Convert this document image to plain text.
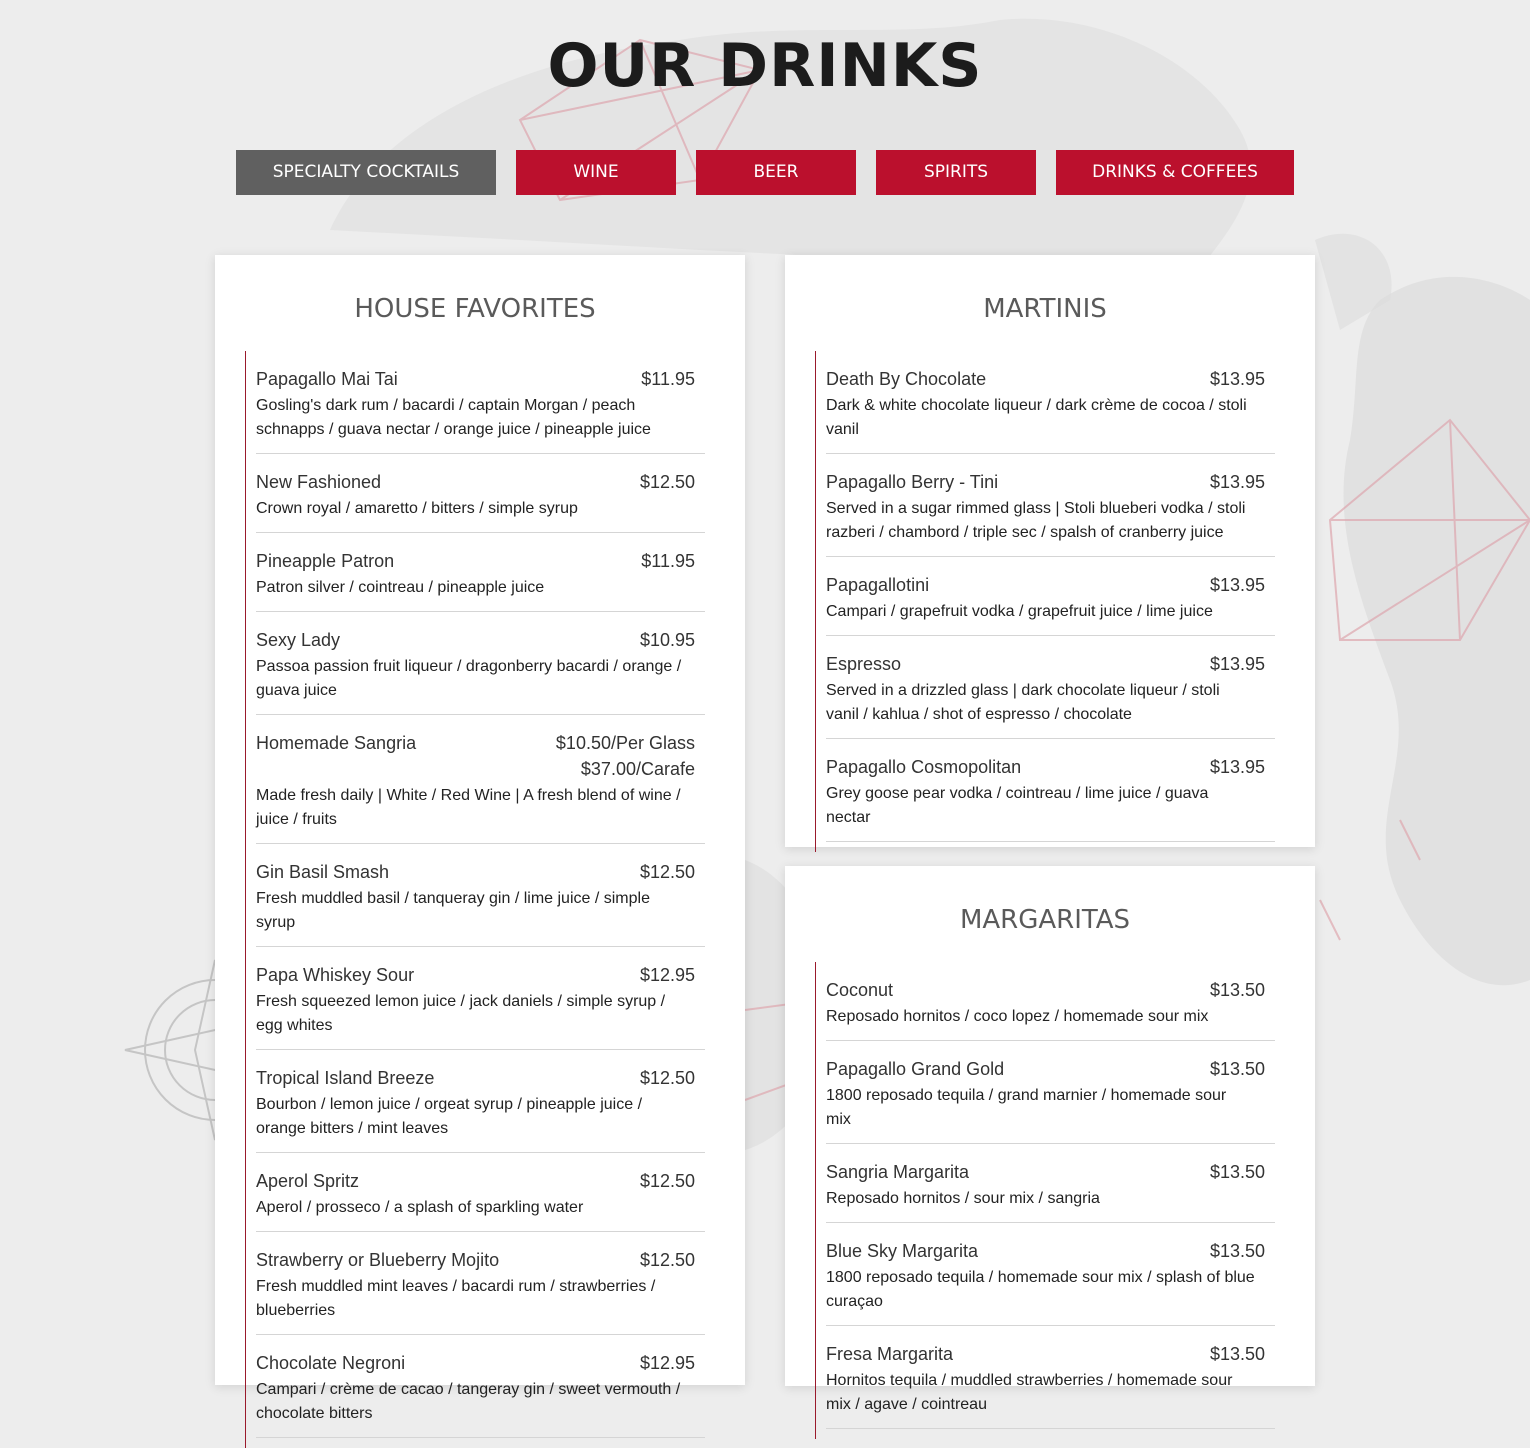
OUR DRINKS
SPECIALTY COCKTAILS	WINE	BEER	SPIRITS	DRINKS & COFFEES
HOUSE FAVORITES
Papagallo Mai Tai	$11.95
Gosling's dark rum / bacardi / captain Morgan / peach schnapps / guava nectar / orange juice / pineapple juice
New Fashioned	$12.50
Crown royal / amaretto / bitters / simple syrup
Pineapple Patron	$11.95
Patron silver / cointreau / pineapple juice
Sexy Lady	$10.95
Passoa passion fruit liqueur / dragonberry bacardi / orange / guava juice
Homemade Sangria	$10.50/Per Glass
$37.00/Carafe
Made fresh daily | White / Red Wine | A fresh blend of wine / juice / fruits
Gin Basil Smash	$12.50
Fresh muddled basil / tanqueray gin / lime juice / simple syrup
Papa Whiskey Sour	$12.95
Fresh squeezed lemon juice / jack daniels / simple syrup / egg whites
Tropical Island Breeze	$12.50
Bourbon / lemon juice / orgeat syrup / pineapple juice / orange bitters / mint leaves
Aperol Spritz	$12.50
Aperol / prosseco / a splash of sparkling water
Strawberry or Blueberry Mojito	$12.50
Fresh muddled mint leaves / bacardi rum / strawberries / blueberries
Chocolate Negroni	$12.95
Campari / crème de cacao / tangeray gin / sweet vermouth / chocolate bitters
MARTINIS
Death By Chocolate	$13.95
Dark & white chocolate liqueur / dark crème de cocoa / stoli vanil
Papagallo Berry - Tini	$13.95
Served in a sugar rimmed glass | Stoli blueberi vodka / stoli razberi / chambord / triple sec / spalsh of cranberry juice
Papagallotini	$13.95
Campari / grapefruit vodka / grapefruit juice / lime juice
Espresso	$13.95
Served in a drizzled glass | dark chocolate liqueur / stoli vanil / kahlua / shot of espresso / chocolate
Papagallo Cosmopolitan	$13.95
Grey goose pear vodka / cointreau / lime juice / guava nectar
MARGARITAS
Coconut	$13.50
Reposado hornitos / coco lopez / homemade sour mix
Papagallo Grand Gold	$13.50
1800 reposado tequila / grand marnier / homemade sour mix
Sangria Margarita	$13.50
Reposado hornitos / sour mix / sangria
Blue Sky Margarita	$13.50
1800 reposado tequila / homemade sour mix / splash of blue curaçao
Fresa Margarita	$13.50
Hornitos tequila / muddled strawberries / homemade sour mix / agave / cointreau
